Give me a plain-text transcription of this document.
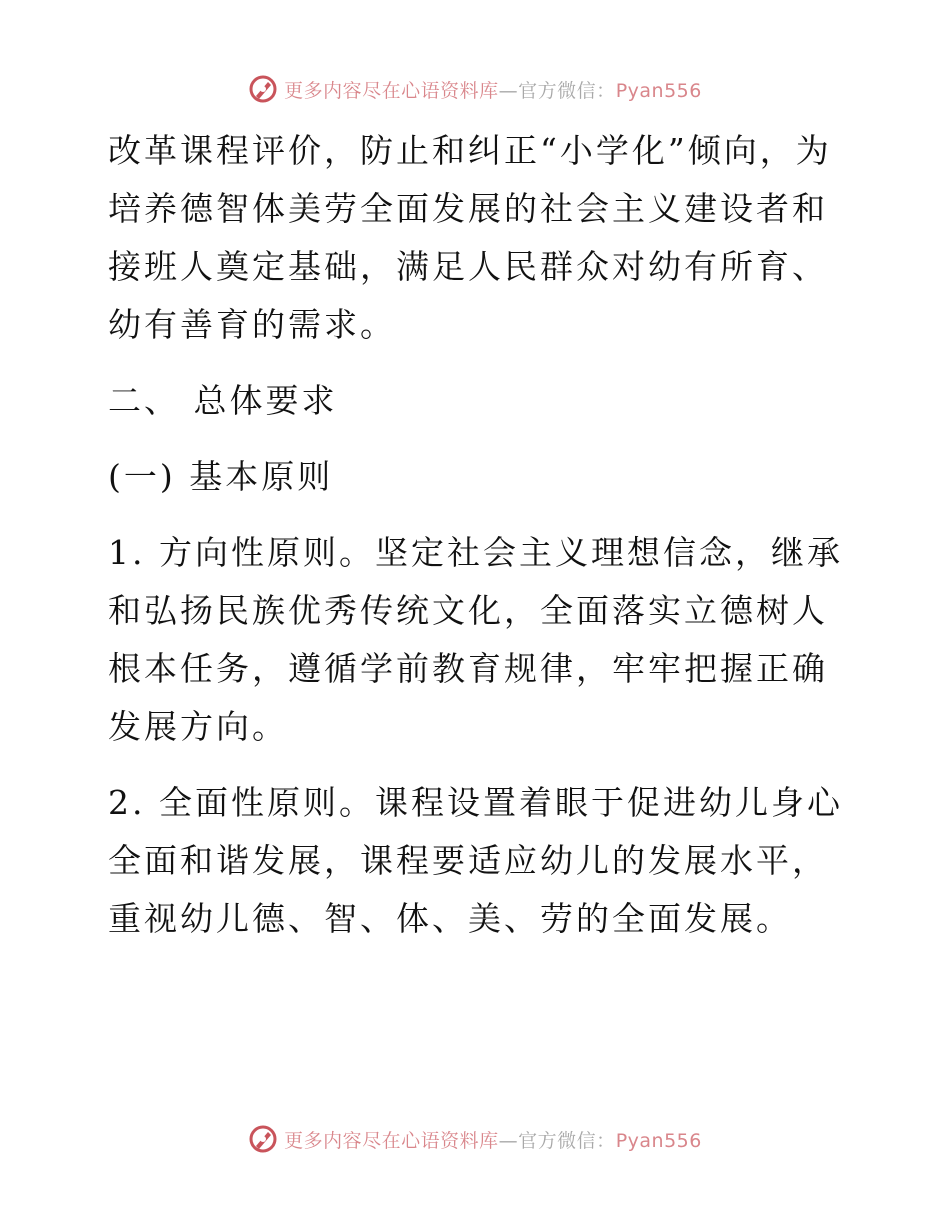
更多内容尽在心语资料库—官方微信：Pyan556

改革课程评价，防止和纠正“小学化”倾向，为培养德智体美劳全面发展的社会主义建设者和接班人奠定基础，满足人民群众对幼有所育、幼有善育的需求。

二、 总体要求

(一) 基本原则

1. 方向性原则。坚定社会主义理想信念，继承和弘扬民族优秀传统文化，全面落实立德树人根本任务，遵循学前教育规律，牢牢把握正确 发展方向。

2. 全面性原则。课程设置着眼于促进幼儿身心全面和谐发展，课程要适应幼儿的发展水平，重视幼儿德、智、体、美、劳的全面发展。

更多内容尽在心语资料库—官方微信：Pyan556
